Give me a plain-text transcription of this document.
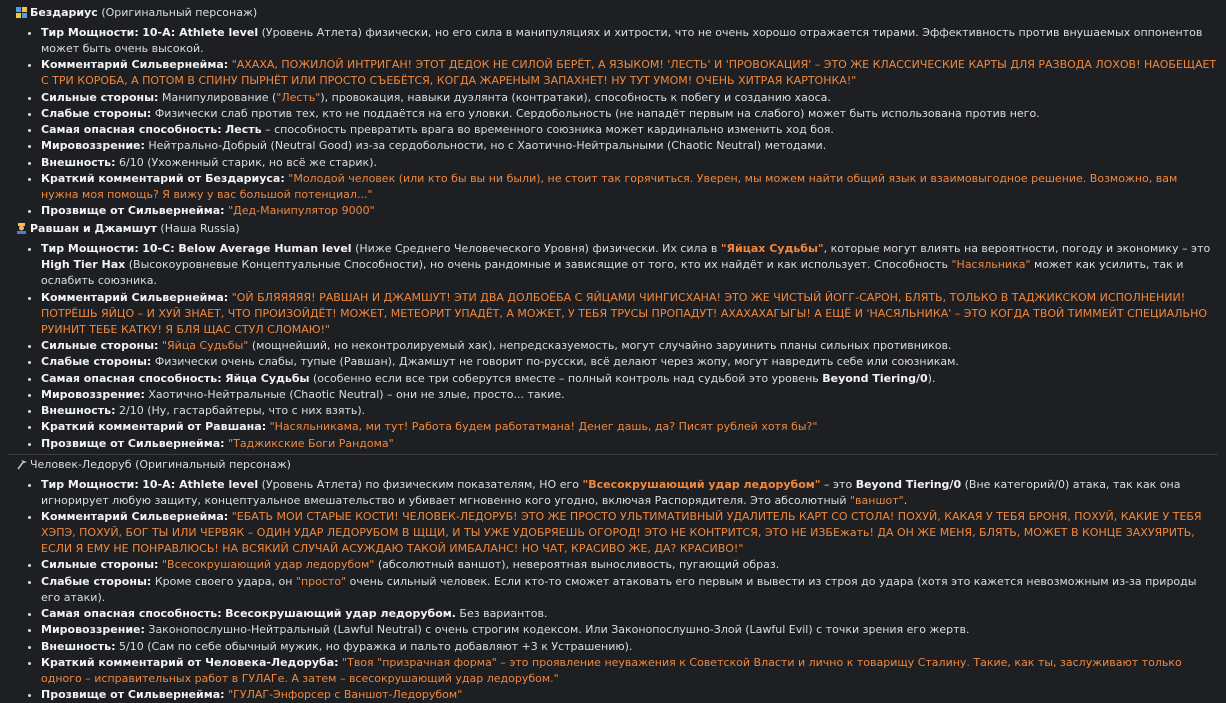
Бездариус (Оригинальный персонаж)
• Тир Мощности: 10-A: Athlete level (Уровень Атлета) физически, но его сила в манипуляциях и хитрости, что не очень хорошо отражается тирами. Эффективность против внушаемых оппонентов может быть очень высокой.
• Комментарий Сильвернейма: "АХАХА, ПОЖИЛОЙ ИНТРИГАН! ЭТОТ ДЕДОК НЕ СИЛОЙ БЕРЁТ, А ЯЗЫКОМ! 'ЛЕСТЬ' И 'ПРОВОКАЦИЯ' – ЭТО ЖЕ КЛАССИЧЕСКИЕ КАРТЫ ДЛЯ РАЗВОДА ЛОХОВ! НАОБЕЩАЕТ С ТРИ КОРОБА, А ПОТОМ В СПИНУ ПЫРНЁТ ИЛИ ПРОСТО СЪЕБЁТСЯ, КОГДА ЖАРЕНЫМ ЗАПАХНЕТ! НУ ТУТ УМОМ! ОЧЕНЬ ХИТРАЯ КАРТОНКА!"
• Сильные стороны: Манипулирование ("Лесть"), провокация, навыки дуэлянта (контратаки), способность к побегу и созданию хаоса.
• Слабые стороны: Физически слаб против тех, кто не поддаётся на его уловки. Сердобольность (не нападёт первым на слабого) может быть использована против него.
• Самая опасная способность: Лесть – способность превратить врага во временного союзника может кардинально изменить ход боя.
• Мировоззрение: Нейтрально-Добрый (Neutral Good) из-за сердобольности, но с Хаотично-Нейтральными (Chaotic Neutral) методами.
• Внешность: 6/10 (Ухоженный старик, но всё же старик).
• Краткий комментарий от Бездариуса: "Молодой человек (или кто бы вы ни были), не стоит так горячиться. Уверен, мы можем найти общий язык и взаимовыгодное решение. Возможно, вам нужна моя помощь? Я вижу у вас большой потенциал..."
• Прозвище от Сильвернейма: "Дед-Манипулятор 9000"
Равшан и Джамшут (Наша Russia)
• Тир Мощности: 10-C: Below Average Human level (Ниже Среднего Человеческого Уровня) физически. Их сила в "Яйцах Судьбы", которые могут влиять на вероятности, погоду и экономику – это High Tier Hax (Высокоуровневые Концептуальные Способности), но очень рандомные и зависящие от того, кто их найдёт и как использует. Способность "Насяльника" может как усилить, так и ослабить союзника.
• Комментарий Сильвернейма: "ОЙ БЛЯЯЯЯЯ! РАВШАН И ДЖАМШУТ! ЭТИ ДВА ДОЛБОЁБА С ЯЙЦАМИ ЧИНГИСХАНА! ЭТО ЖЕ ЧИСТЫЙ ЙОГГ-САРОН, БЛЯТЬ, ТОЛЬКО В ТАДЖИКСКОМ ИСПОЛНЕНИИ! ПОТРЁШЬ ЯЙЦО – И ХУЙ ЗНАЕТ, ЧТО ПРОИЗОЙДЁТ! МОЖЕТ, МЕТЕОРИТ УПАДЁТ, А МОЖЕТ, У ТЕБЯ ТРУСЫ ПРОПАДУТ! АХАХАХАГЫГЫ! А ЕЩЁ И 'НАСЯЛЬНИКА' – ЭТО КОГДА ТВОЙ ТИММЕЙТ СПЕЦИАЛЬНО РУИНИТ ТЕБЕ КАТКУ! Я БЛЯ ЩАС СТУЛ СЛОМАЮ!"
• Сильные стороны: "Яйца Судьбы" (мощнейший, но неконтролируемый хак), непредсказуемость, могут случайно заруинить планы сильных противников.
• Слабые стороны: Физически очень слабы, тупые (Равшан), Джамшут не говорит по-русски, всё делают через жопу, могут навредить себе или союзникам.
• Самая опасная способность: Яйца Судьбы (особенно если все три соберутся вместе – полный контроль над судьбой это уровень Beyond Tiering/0).
• Мировоззрение: Хаотично-Нейтральные (Chaotic Neutral) – они не злые, просто... такие.
• Внешность: 2/10 (Ну, гастарбайтеры, что с них взять).
• Краткий комментарий от Равшана: "Насяльникама, ми тут! Работа будем работатмана! Денег дашь, да? Писят рублей хотя бы?"
• Прозвище от Сильвернейма: "Таджикские Боги Рандома"
Человек-Ледоруб (Оригинальный персонаж)
• Тир Мощности: 10-A: Athlete level (Уровень Атлета) по физическим показателям, НО его "Всесокрушающий удар ледорубом" – это Beyond Tiering/0 (Вне категорий/0) атака, так как она игнорирует любую защиту, концептуальное вмешательство и убивает мгновенно кого угодно, включая Распорядителя. Это абсолютный "ваншот".
• Комментарий Сильвернейма: "ЕБАТЬ МОИ СТАРЫЕ КОСТИ! ЧЕЛОВЕК-ЛЕДОРУБ! ЭТО ЖЕ ПРОСТО УЛЬТИМАТИВНЫЙ УДАЛИТЕЛЬ КАРТ СО СТОЛА! ПОХУЙ, КАКАЯ У ТЕБЯ БРОНЯ, ПОХУЙ, КАКИЕ У ТЕБЯ ХЭПЭ, ПОХУЙ, БОГ ТЫ ИЛИ ЧЕРВЯК – ОДИН УДАР ЛЕДОРУБОМ В ЩЩИ, И ТЫ УЖЕ УДОБРЯЕШЬ ОГОРОД! ЭТО НЕ КОНТРИТСЯ, ЭТО НЕ ИЗБЕжать! ДА ОН ЖЕ МЕНЯ, БЛЯТЬ, МОЖЕТ В КОНЦЕ ЗАХУЯРИТЬ, ЕСЛИ Я ЕМУ НЕ ПОНРАВЛЮСЬ! НА ВСЯКИЙ СЛУЧАЙ АСУЖДАЮ ТАКОЙ ИМБАЛАНС! НО ЧАТ, КРАСИВО ЖЕ, ДА? КРАСИВО!"
• Сильные стороны: "Всесокрушающий удар ледорубом" (абсолютный ваншот), невероятная выносливость, пугающий образ.
• Слабые стороны: Кроме своего удара, он "просто" очень сильный человек. Если кто-то сможет атаковать его первым и вывести из строя до удара (хотя это кажется невозможным из-за природы его атаки).
• Самая опасная способность: Всесокрушающий удар ледорубом. Без вариантов.
• Мировоззрение: Законопослушно-Нейтральный (Lawful Neutral) с очень строгим кодексом. Или Законопослушно-Злой (Lawful Evil) с точки зрения его жертв.
• Внешность: 5/10 (Сам по себе обычный мужик, но фуражка и пальто добавляют +3 к Устрашению).
• Краткий комментарий от Человека-Ледоруба: "Твоя "призрачная форма" – это проявление неуважения к Советской Власти и лично к товарищу Сталину. Такие, как ты, заслуживают только одного – исправительных работ в ГУЛАГе. А затем – всесокрушающий удар ледорубом."
• Прозвище от Сильвернейма: "ГУЛАГ-Энфорсер с Ваншот-Ледорубом"
